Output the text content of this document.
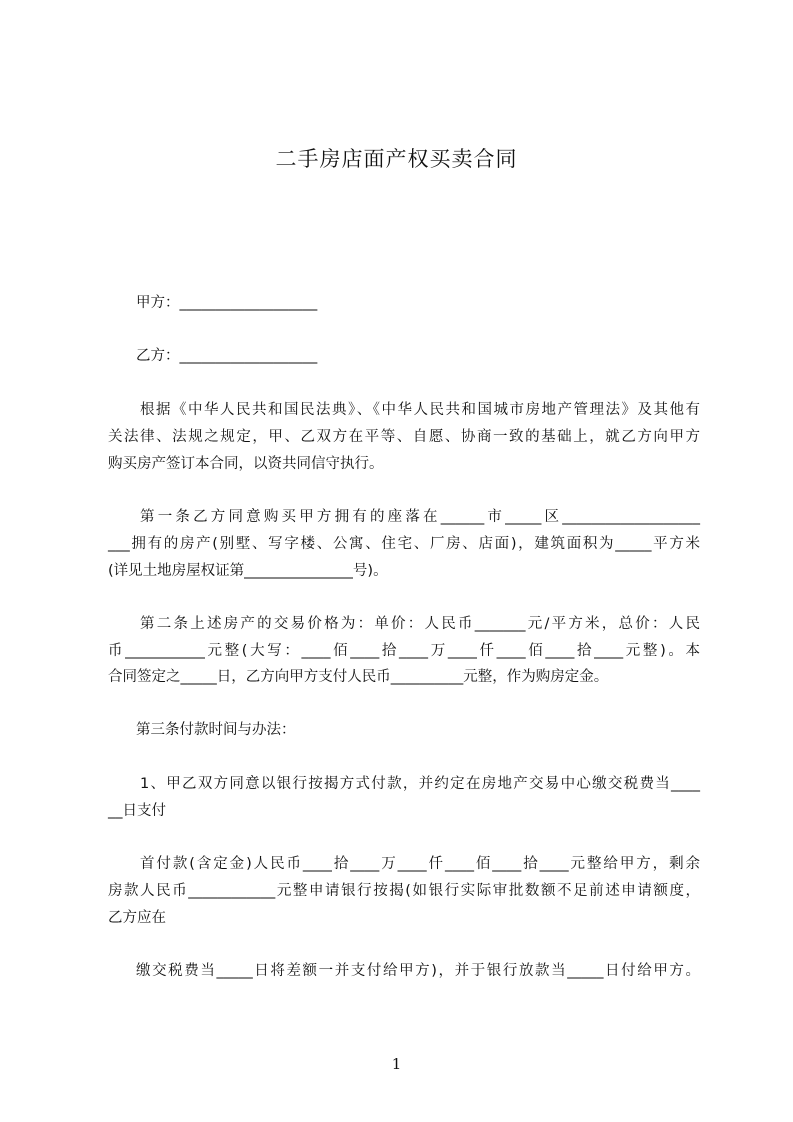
二手房店面产权买卖合同
甲方：___________________
乙方：___________________
根据《中华人民共和国民法典》、《中华人民共和国城市房地产管理法》及其他有
关法律、法规之规定，甲、乙双方在平等、自愿、协商一致的基础上，就乙方向甲方
购买房产签订本合同，以资共同信守执行。
第一条乙方同意购买甲方拥有的座落在______市_____区___________________
___拥有的房产(别墅、写字楼、公寓、住宅、厂房、店面)，建筑面积为_____平方米
(详见土地房屋权证第_______________号)。
第二条上述房产的交易价格为：单价：人民币_______元/平方米，总价：人民
币___________元整(大写：____佰____拾____万____仟____佰____拾____元整)。本
合同签定之_____日，乙方向甲方支付人民币__________元整，作为购房定金。
第三条付款时间与办法：
1、甲乙双方同意以银行按揭方式付款，并约定在房地产交易中心缴交税费当____
__日支付
首付款(含定金)人民币____拾____万____仟____佰____拾____元整给甲方，剩余
房款人民币____________元整申请银行按揭(如银行实际审批数额不足前述申请额度，
乙方应在
缴交税费当_____日将差额一并支付给甲方)，并于银行放款当_____日付给甲方。
1
